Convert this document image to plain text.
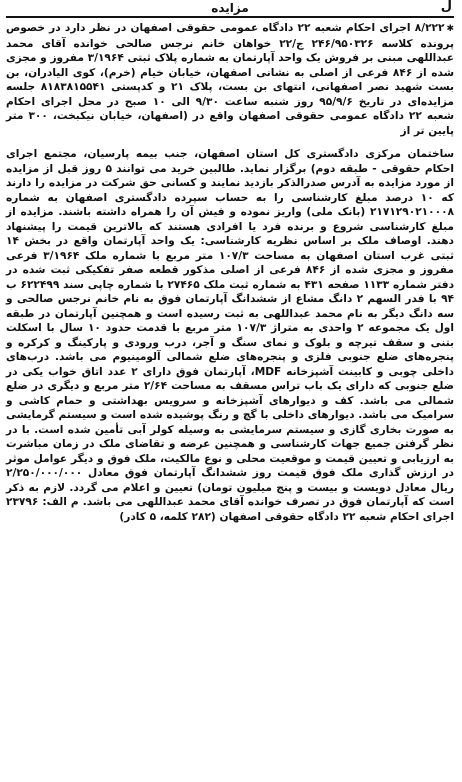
ل
مزایده

✱۸/۲۲۲ اجرای احکام شعبه ۲۲ دادگاه عمومی حقوقی اصفهان در نظر دارد در خصوص پرونده کلاسه ۲۴۶/۹۵۰۳۲۶ ج/۲۲ خواهان خانم نرجس صالحی خوانده آقای محمد عبداللهی مبنی بر فروش یک واحد آپارتمان به شماره پلاک ثبتی ۳/۱۹۶۴ مفروز و مجزی شده از ۸۴۶ فرعی از اصلی به نشانی اصفهان، خیابان خیام (خرم)، کوی الیادران، بن بست شهید نصر اصفهانی، انتهای بن بست، پلاک ۲۱ و کدپستی ۸۱۸۳۸۱۵۵۴۱ جلسه مزایده‌ای در تاریخ ۹۵/۹/۶ روز شنبه ساعت ۹/۳۰ الی ۱۰ صبح در محل اجرای احکام شعبه ۲۲ دادگاه عمومی حقوقی اصفهان واقع در (اصفهان، خیابان نیکبخت، ۳۰۰ متر پایین تر از

ساختمان مرکزی دادگستری کل استان اصفهان، جنب بیمه پارسیان، مجتمع اجرای احکام حقوقی - طبقه دوم) برگزار نماید. طالبین خرید می توانند ۵ روز قبل از مزایده از مورد مزایده به آدرس صدرالذکر بازدید نمایند و کسانی حق شرکت در مزایده را دارند که ۱۰ درصد مبلغ کارشناسی را به حساب سپرده دادگستری اصفهان به شماره ۲۱۷۱۲۹۰۲۱۰۰۰۸ (بانک ملی) واریز نموده و فیش آن را همراه داشته باشند. مزایده از مبلغ کارشناسی شروع و برنده فرد یا افرادی هستند که بالاترین قیمت را پیشنهاد دهند. اوصاف ملک بر اساس نظریه کارشناسی: یک واحد آپارتمان واقع در بخش ۱۴ ثبتی غرب استان اصفهان به مساحت ۱۰۷/۳ متر مربع با شماره ملک ۳/۱۹۶۴ فرعی مفروز و مجزی شده از ۸۴۶ فرعی از اصلی مذکور قطعه صفر تفکیکی ثبت شده در دفتر شماره ۱۱۳۳ صفحه ۴۳۱ به شماره ثبت ملک ۲۷۴۶۵ با شماره چاپی سند ۶۲۲۴۹۹ ب ۹۴ با فدر السهم ۲ دانگ مشاع از ششدانگ آپارتمان فوق به نام خانم نرجس صالحی و سه دانگ دیگر به نام محمد عبداللهی به ثبت رسیده است و همچنین آپارتمان در طبقه اول یک مجموعه ۲ واحدی به متراژ ۱۰۷/۳ متر مربع با قدمت حدود ۱۰ سال با اسکلت بتنی و سقف تیرچه و بلوک و نمای سنگ و آجر، درب ورودی و پارکینگ و کرکره و پنجره‌های ضلع جنوبی فلزی و پنجره‌های ضلع شمالی آلومینیوم می باشد. درب‌های داخلی چوبی و کابینت آشپزخانه MDF، آپارتمان فوق دارای ۲ عدد اتاق خواب یکی در ضلع جنوبی که دارای یک باب تراس مسقف به مساحت ۲/۶۴ متر مربع و دیگری در ضلع شمالی می باشد. کف و دیوارهای آشپزخانه و سرویس بهداشتی و حمام کاشی و سرامیک می باشد. دیوارهای داخلی با گچ و رنگ پوشیده شده است و سیستم گرمایشی به صورت بخاری گازی و سیستم سرمایشی به وسیله کولر آبی تأمین شده است. با در نظر گرفتن جمیع جهات کارشناسی و همچنین عرضه و تقاضای ملک در زمان مباشرت به ارزیابی و تعیین قیمت و موقعیت محلی و نوع مالکیت، ملک فوق و دیگر عوامل موثر در ارزش گذاری ملک فوق قیمت روز ششدانگ آپارتمان فوق معادل ۲/۲۵۰/۰۰۰/۰۰۰ ریال معادل دویست و بیست و پنج میلیون تومان) تعیین و اعلام می گردد. لازم به ذکر است که آپارتمان فوق در تصرف خوانده آقای محمد عبداللهی می باشد. م الف: ۲۳۷۹۶ اجرای احکام شعبه ۲۲ دادگاه حقوقی اصفهان (۲۸۲ کلمه، ۵ کادر)
